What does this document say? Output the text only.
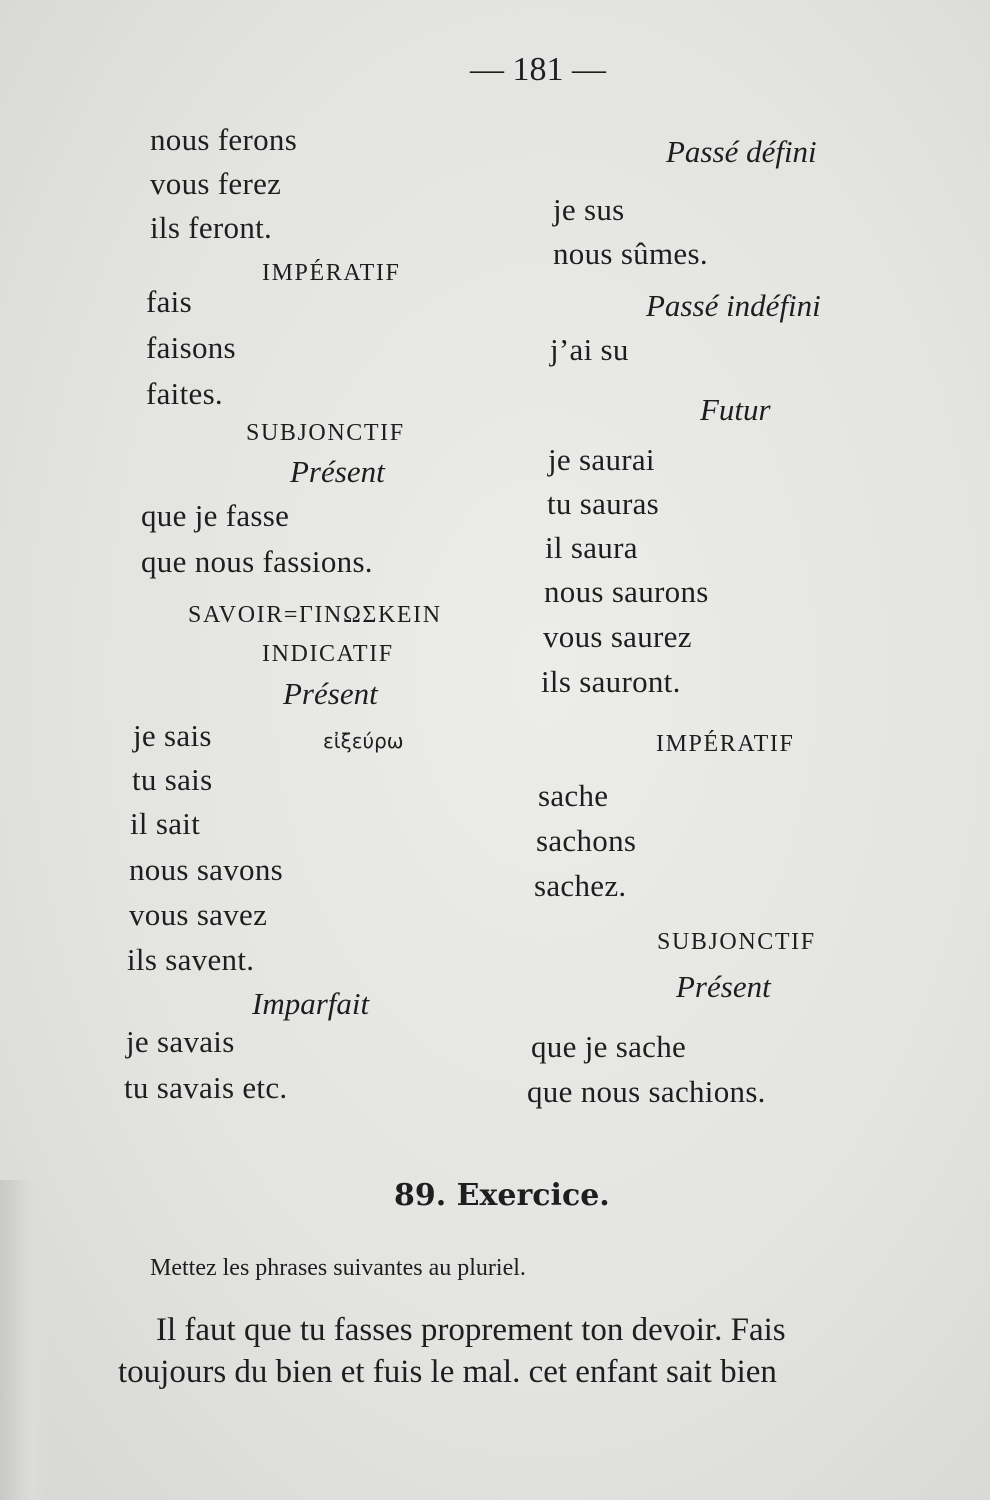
— 181 —
nous ferons
vous ferez
ils feront.
IMPÉRATIF
fais
faisons
faites.
SUBJONCTIF
Présent
que je fasse
que nous fassions.
SAVOIR=ΓΙΝΩΣΚΕΙΝ
INDICATIF
Présent
je sais	εἰξεύρω
tu sais
il sait
nous savons
vous savez
ils savent.
Imparfait
je savais
tu savais etc.
Passé défini
je sus
nous sûmes.
Passé indéfini
j’ai su
Futur
je saurai
tu sauras
il saura
nous saurons
vous saurez
ils sauront.
IMPÉRATIF
sache
sachons
sachez.
SUBJONCTIF
Présent
que je sache
que nous sachions.
89. Exercice.
Mettez les phrases suivantes au pluriel.
Il faut que tu fasses proprement ton devoir. Fais
toujours du bien et fuis le mal. cet enfant sait bien
